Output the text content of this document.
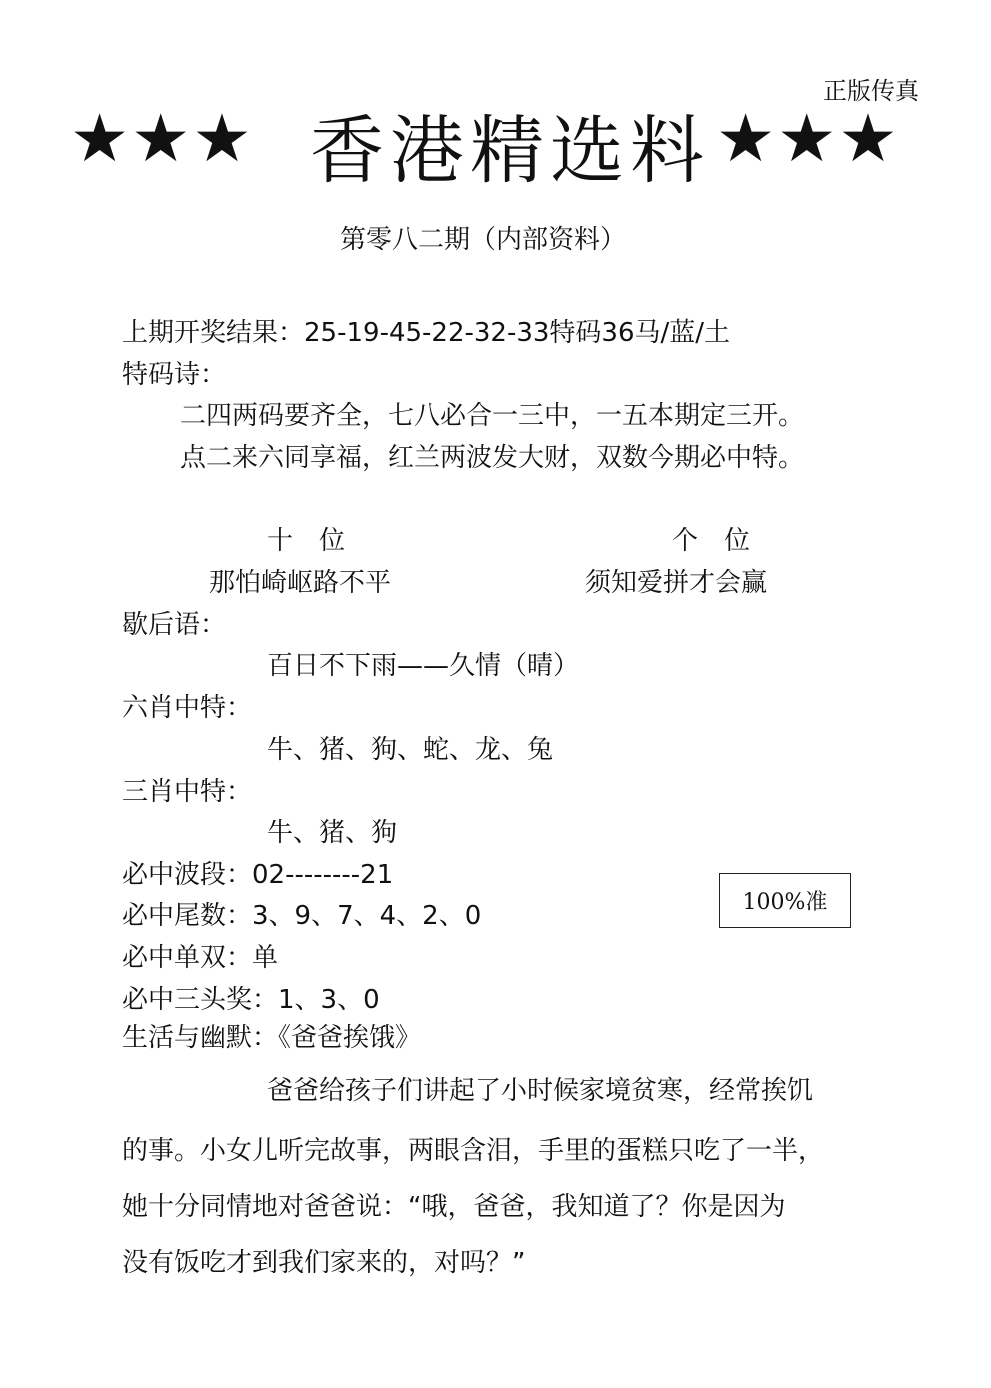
正版传真
★★★ 香港精选料 ★★★
第零八二期（内部资料）
上期开奖结果：25-19-45-22-32-33特码36马/蓝/土
特码诗：
二四两码要齐全，七八必合一三中，一五本期定三开。
点二来六同享福，红兰两波发大财，双数今期必中特。
十　位	个　位
那怕崎岖路不平	须知爱拼才会赢
歇后语：
百日不下雨——久情（晴）
六肖中特：
牛、猪、狗、蛇、龙、兔
三肖中特：
牛、猪、狗
必中波段：02--------21
必中尾数：3、9、7、4、2、0
必中单双：单
必中三头奖：1、3、0
100%准
生活与幽默：《爸爸挨饿》
爸爸给孩子们讲起了小时候家境贫寒，经常挨饥
的事。小女儿听完故事，两眼含泪，手里的蛋糕只吃了一半，
她十分同情地对爸爸说：“哦，爸爸，我知道了？你是因为
没有饭吃才到我们家来的，对吗？”
